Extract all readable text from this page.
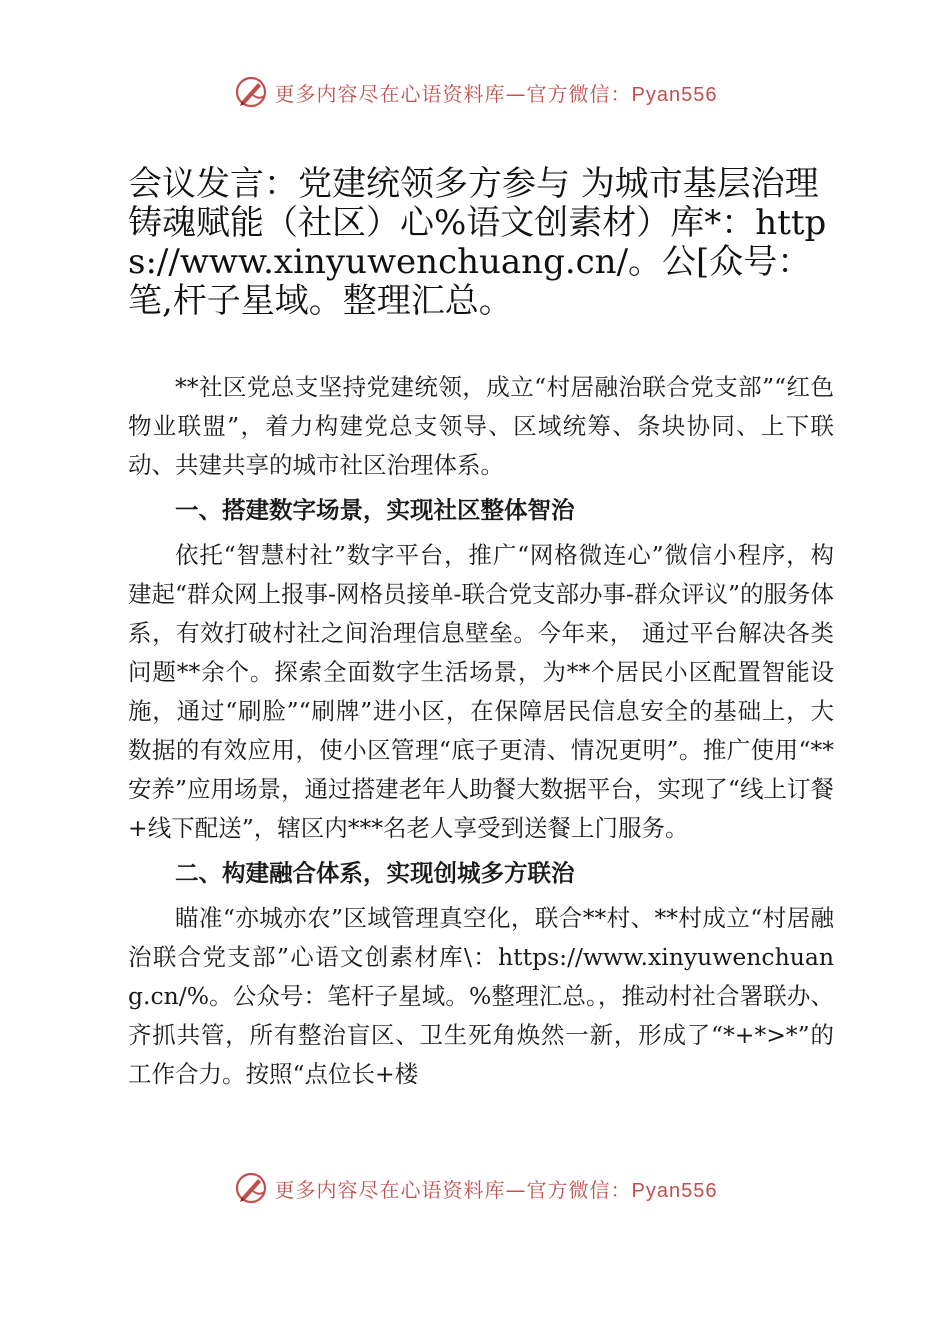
更多内容尽在心语资料库—官方微信：Pyan556
会议发言：党建统领多方参与 为城市基层治理铸魂赋能（社区）心%语文创素材）库*：https://www.xinyuwenchuang.cn/。公[众号：笔,杆子星域。整理汇总。

**社区党总支坚持党建统领，成立“村居融治联合党支部”“红色物业联盟”，着力构建党总支领导、区域统筹、条块协同、上下联动、共建共享的城市社区治理体系。

一、搭建数字场景，实现社区整体智治

依托“智慧村社”数字平台，推广“网格微连心”微信小程序，构建起“群众网上报事-网格员接单-联合党支部办事-群众评议”的服务体系，有效打破村社之间治理信息壁垒。今年来， 通过平台解决各类问题**余个。探索全面数字生活场景，为**个居民小区配置智能设施，通过“刷脸”“刷牌”进小区，在保障居民信息安全的基础上，大数据的有效应用，使小区管理“底子更清、情况更明”。推广使用“**安养”应用场景，通过搭建老年人助餐大数据平台，实现了“线上订餐+线下配送”，辖区内***名老人享受到送餐上门服务。

二、构建融合体系，实现创城多方联治

瞄准“亦城亦农”区域管理真空化，联合**村、**村成立“村居融治联合党支部”心语文创素材库\：https://www.xinyuwenchuang.cn/%。公众号：笔杆子星域。%整理汇总。，推动村社合署联办、齐抓共管，所有整治盲区、卫生死角焕然一新，形成了“*+*>*”的工作合力。按照“点位长+楼

更多内容尽在心语资料库—官方微信：Pyan556
